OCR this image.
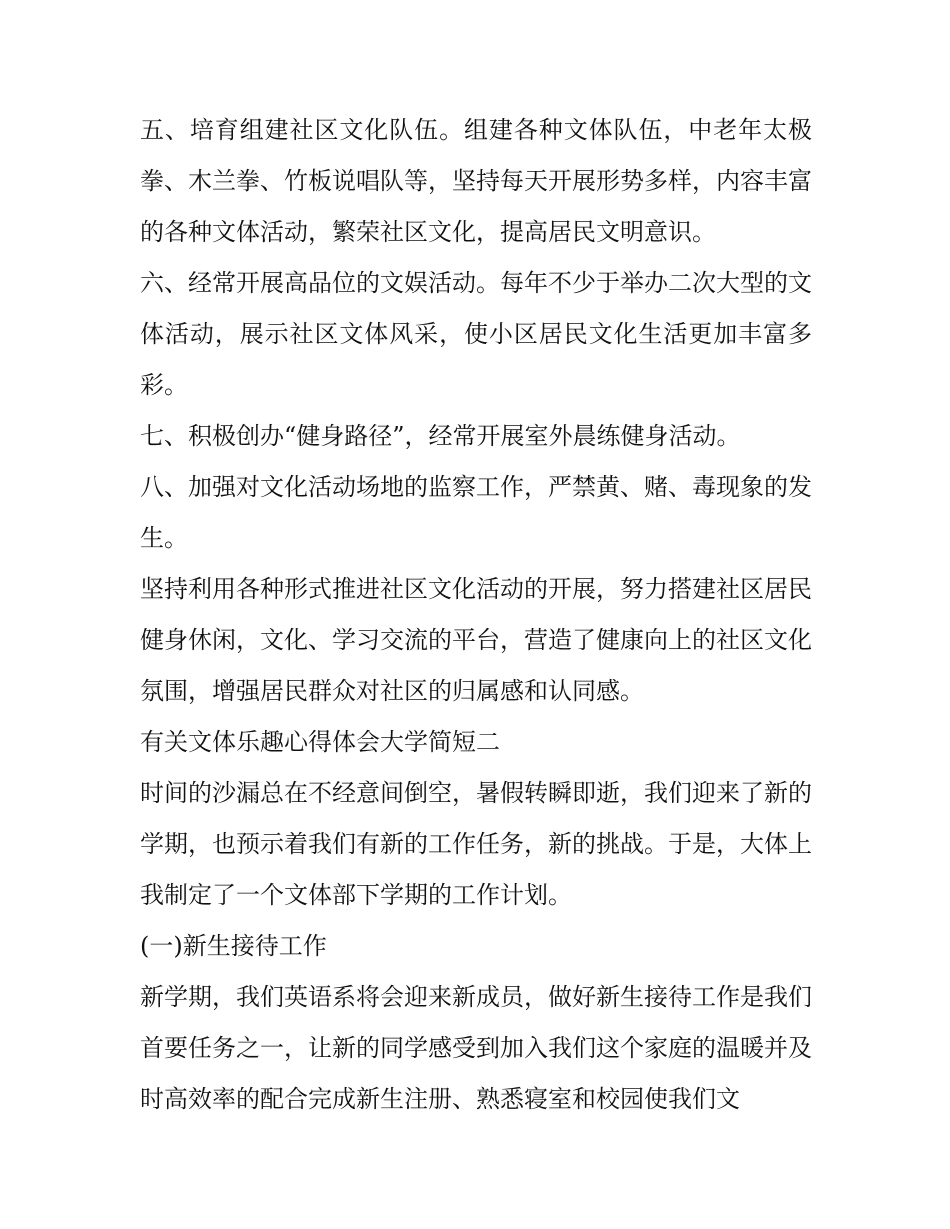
五、培育组建社区文化队伍。组建各种文体队伍，中老年太极拳、木兰拳、竹板说唱队等，坚持每天开展形势多样，内容丰富的各种文体活动，繁荣社区文化，提高居民文明意识。

六、经常开展高品位的文娱活动。每年不少于举办二次大型的文体活动，展示社区文体风采，使小区居民文化生活更加丰富多彩。

七、积极创办“健身路径”，经常开展室外晨练健身活动。

八、加强对文化活动场地的监察工作，严禁黄、赌、毒现象的发生。

坚持利用各种形式推进社区文化活动的开展，努力搭建社区居民健身休闲，文化、学习交流的平台，营造了健康向上的社区文化氛围，增强居民群众对社区的归属感和认同感。

有关文体乐趣心得体会大学简短二

时间的沙漏总在不经意间倒空，暑假转瞬即逝，我们迎来了新的学期，也预示着我们有新的工作任务，新的挑战。于是，大体上我制定了一个文体部下学期的工作计划。

(一)新生接待工作

新学期，我们英语系将会迎来新成员，做好新生接待工作是我们首要任务之一，让新的同学感受到加入我们这个家庭的温暖并及时高效率的配合完成新生注册、熟悉寝室和校园使我们文
